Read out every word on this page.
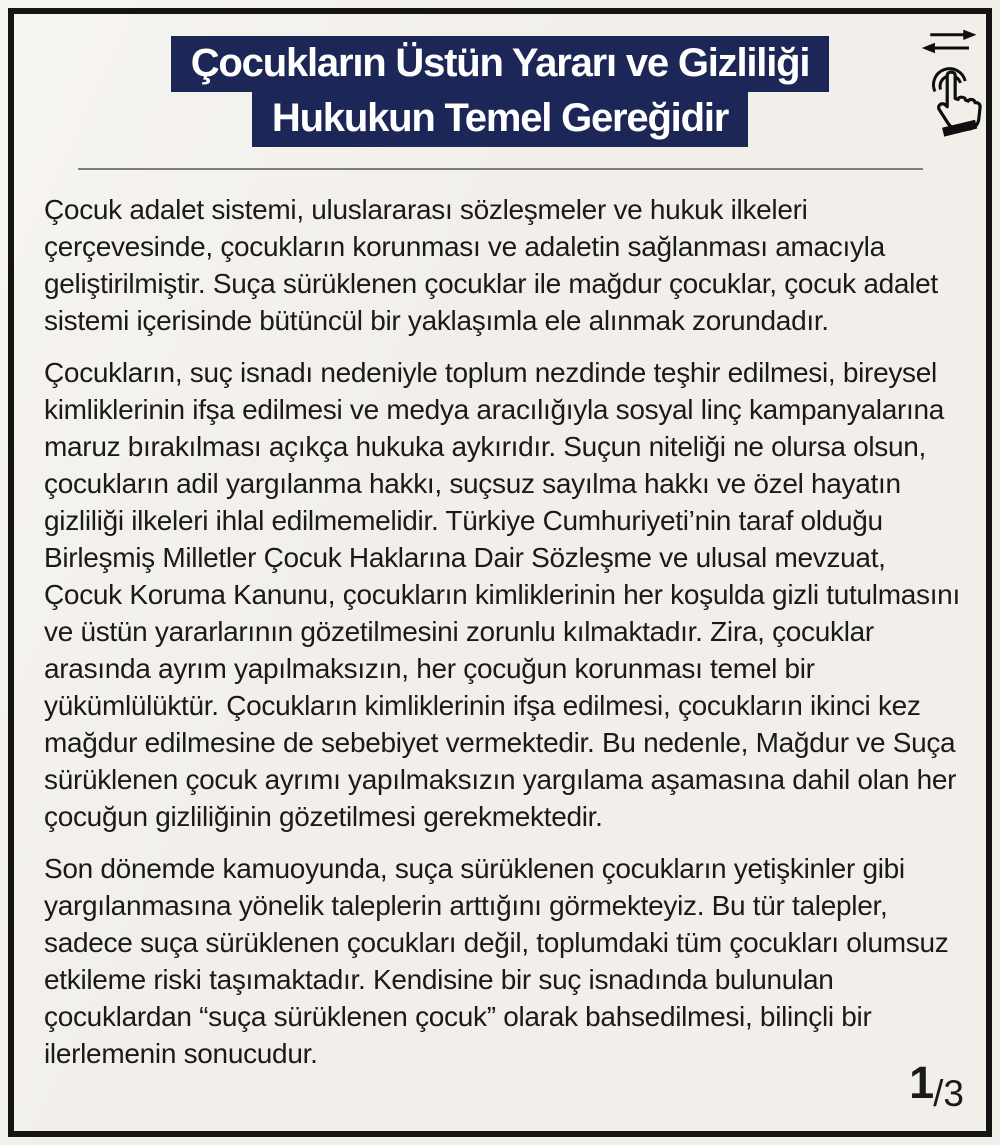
Çocukların Üstün Yararı ve Gizliliği
Hukukun Temel Gereğidir

Çocuk adalet sistemi, uluslararası sözleşmeler ve hukuk ilkeleri çerçevesinde, çocukların korunması ve adaletin sağlanması amacıyla geliştirilmiştir. Suça sürüklenen çocuklar ile mağdur çocuklar, çocuk adalet sistemi içerisinde bütüncül bir yaklaşımla ele alınmak zorundadır.

Çocukların, suç isnadı nedeniyle toplum nezdinde teşhir edilmesi, bireysel kimliklerinin ifşa edilmesi ve medya aracılığıyla sosyal linç kampanyalarına maruz bırakılması açıkça hukuka aykırıdır. Suçun niteliği ne olursa olsun, çocukların adil yargılanma hakkı, suçsuz sayılma hakkı ve özel hayatın gizliliği ilkeleri ihlal edilmemelidir. Türkiye Cumhuriyeti’nin taraf olduğu Birleşmiş Milletler Çocuk Haklarına Dair Sözleşme ve ulusal mevzuat, Çocuk Koruma Kanunu, çocukların kimliklerinin her koşulda gizli tutulmasını ve üstün yararlarının gözetilmesini zorunlu kılmaktadır. Zira, çocuklar arasında ayrım yapılmaksızın, her çocuğun korunması temel bir yükümlülüktür. Çocukların kimliklerinin ifşa edilmesi, çocukların ikinci kez mağdur edilmesine de sebebiyet vermektedir. Bu nedenle, Mağdur ve Suça sürüklenen çocuk ayrımı yapılmaksızın yargılama aşamasına dahil olan her çocuğun gizliliğinin gözetilmesi gerekmektedir.

Son dönemde kamuoyunda, suça sürüklenen çocukların yetişkinler gibi yargılanmasına yönelik taleplerin arttığını görmekteyiz. Bu tür talepler, sadece suça sürüklenen çocukları değil, toplumdaki tüm çocukları olumsuz etkileme riski taşımaktadır. Kendisine bir suç isnadında bulunulan çocuklardan “suça sürüklenen çocuk” olarak bahsedilmesi, bilinçli bir ilerlemenin sonucudur.

1/3
